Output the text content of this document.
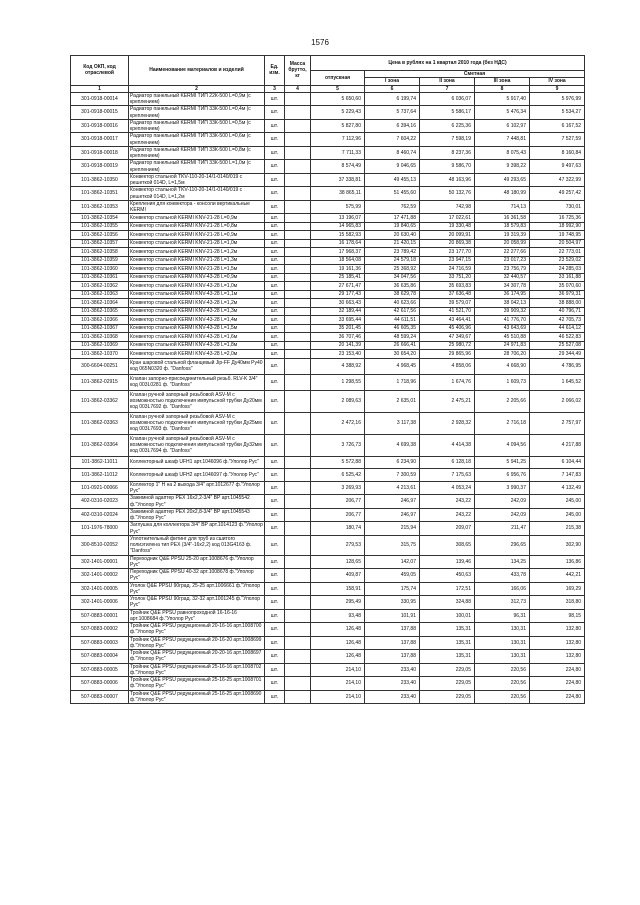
1576
Код ОКП, код отраслевой	Наименование материалов и изделий	Ед. изм.	Масса брутто, кг	Цена в рублях на 1 квартал 2010 года (без НДС)				
				отпускная	Сметная			
					I зона	II зона	III зона	IV зона
1	2	3	4	5	6	7	8	9
301-0918-00014	Радиатор панельный KERMI ТИП 22К-500 L=0,9м (с креплением)	шт.		5 650,60	6 199,74	6 036,07	5 917,40	5 976,99
301-0918-00015	Радиатор панельный KERMI ТИП 33К-500 L=0,4м (с креплением)	шт.		5 229,43	5 737,64	5 586,17	5 476,34	5 534,27
301-0918-00016	Радиатор панельный KERMI ТИП 33К-500 L=0,5м (с креплением)	шт.		5 827,80	6 394,16	6 225,36	6 102,97	6 167,52
301-0918-00017	Радиатор панельный KERMI ТИП 33К-500 L=0,6м (с креплением)	шт.		7 112,96	7 604,22	7 598,19	7 448,81	7 527,59
301-0918-00018	Радиатор панельный KERMI ТИП 33К-500 L=0,8м (с креплением)	шт.		7 711,33	8 460,74	8 237,36	8 075,43	8 160,84
301-0918-00019	Радиатор панельный KERMI ТИП 33К-500 L=1,0м (с креплением)	шт.		8 574,49	9 046,65	9 586,70	9 398,22	9 497,63
101-3862-10350	Конвектор стальной TKV-110-20-14/1-0140/019 с решеткой 014D, L=1,5м	шт.		37 338,81	49 455,13	48 163,96	49 293,65	47 322,99
101-3862-10351	Конвектор стальной TKV-110-20-14/1-0140/019 с решеткой 014D, L=1,2м	шт.		38 865,11	51 455,60	50 132,76	48 180,99	49 257,42
101-3862-10353	Крепления для конвектора - консоли вертикальные KERMI	шт.		575,99	762,59	742,98	714,13	730,01
101-3862-10354	Конвектор стальной KERMI KNV-21-28 L=0,9м	шт.		13 196,07	17 471,88	17 022,61	16 361,58	16 725,36
101-3862-10355	Конвектор стальной KERMI KNV-21-28 L=0,8м	шт.		14 965,83	19 840,65	19 330,48	18 579,83	18 992,90
101-3862-10356	Конвектор стальной KERMI KNV-21-28 L=0,9м	шт.		15 582,93	20 630,40	20 099,91	19 319,39	19 748,95
101-3862-10357	Конвектор стальной KERMI KNV-21-28 L=1,0м	шт.		16 178,64	21 420,15	20 869,38	20 058,99	20 504,97
101-3862-10358	Конвектор стальной KERMI KNV-21-28 L=1,2м	шт.		17 968,37	23 789,42	23 177,70	22 277,66	22 773,01
101-3862-10359	Конвектор стальной KERMI KNV-21-28 L=1,3м	шт.		18 564,08	24 579,18	23 947,15	23 017,23	23 529,02
101-3862-10360	Конвектор стальной KERMI KNV-21-28 L=1,5м	шт.		19 161,36	25 368,92	24 716,59	23 756,79	24 285,03
101-3862-10361	Конвектор стальной KERMI KNV-43-28 L=0,9м	шт.		25 185,41	34 047,56	33 751,20	32 440,57	33 161,88
101-3862-10362	Конвектор стальной KERMI KNV-43-28 L=1,0м	шт.		27 671,47	36 635,86	35 693,83	34 307,78	35 070,60
101-3862-10363	Конвектор стальной KERMI KNV-43-28 L=1,1м	шт.		29 177,43	38 629,78	37 636,48	36 174,95	36 979,31
101-3862-10364	Конвектор стальной KERMI KNV-43-28 L=1,2м	шт.		30 663,43	40 623,66	39 579,07	38 042,13	38 888,00
101-3862-10365	Конвектор стальной KERMI KNV-43-28 L=1,3м	шт.		32 189,44	42 617,56	41 521,70	39 909,32	40 796,71
101-3862-10366	Конвектор стальной KERMI KNV-43-28 L=1,4м	шт.		33 695,44	44 611,51	43 464,41	41 776,70	42 705,73
101-3862-10367	Конвектор стальной KERMI KNV-43-28 L=1,5м	шт.		35 201,45	46 605,35	45 406,96	43 643,69	44 614,12
101-3862-10368	Конвектор стальной KERMI KNV-43-28 L=1,6м	шт.		36 707,46	48 599,24	47 349,67	45 510,88	46 522,83
101-3862-10369	Конвектор стальной KERMI KNV-43-28 L=1,8м	шт.		20 141,39	26 666,41	25 980,72	24 971,83	25 527,08
101-3862-10370	Конвектор стальной KERMI KNV-43-28 L=2,0м	шт.		23 153,40	30 654,20	29 865,96	28 706,20	29 344,49
300-6604-00251	Кран шаровой стальной фланцевый Jip-FF Ду40мм Ру40 код 065N0320 ф. "Danfoss"	шт.		4 388,92	4 968,45	4 858,06	4 668,90	4 786,95
101-3862-02915	Клапан запорно-присоединительный резьб. RLV-K 3/4" код 003L0281 ф. "Danfoss"	шт.		1 298,55	1 718,96	1 674,76	1 609,73	1 645,52
101-3862-03362	Клапан ручной запорный резьбовой ASV-M с возможностью подключения импульсной трубки Ду20мм код 003L7692 ф. "Danfoss"	шт.		2 089,63	2 635,01	2 475,21	2 205,66	2 066,02
101-3862-03363	Клапан ручной запорный резьбовой ASV-M с возможностью подключения импульсной трубки Ду25мм код 003L7693 ф. "Danfoss"	шт.		2 472,16	3 117,38	2 928,32	2 716,18	2 757,97
101-3862-03364	Клапан ручной запорный резьбовой ASV-M с возможностью подключения импульсной трубки Ду32мм код 003L7694 ф. "Danfoss"	шт.		3 726,73	4 699,38	4 414,38	4 094,56	4 217,88
101-3862-11011	Коллекторный шкаф UFH1 арт.1046096 ф."Уполор Рус"	шт.		5 572,88	6 234,90	6 128,18	5 941,25	6 104,44
101-3862-11012	Коллекторный шкаф UFH2 арт.1046097 ф."Уполор Рус"	шт.		6 525,42	7 300,59	7 175,63	6 956,76	7 147,83
101-0921-00066	Коллектор 1" Н на 2 выхода 3/4" арт.1012677 ф."Уполор Рус"	шт.		3 269,93	4 213,61	4 053,24	3 990,37	4 132,49
402-0310-02023	Зажимной адаптер PEX 16х2,2-3/4" ВР арт.1045542 ф."Уполор Рус"	шт.		206,77	246,97	243,22	242,09	245,00
402-0310-02024	Зажимной адаптер PEX 20х2,8-3/4" ВР арт.1045543 ф."Уполор Рус"	шт.		206,77	246,97	243,22	242,09	245,00
101-1976-78000	Заглушка для коллектора 3/4" ВР арт.1014123 ф."Уполор Рус"	шт.		180,74	215,94	209,07	211,47	215,38
300-8510-02052	Уплотнительный фитинг для труб из сшитого полиэтилена тип PEX (3/4"-16х2,2) код 013G4163 ф. "Danfoss"	шт.		279,53	315,75	308,65	296,65	302,90
302-1401-00001	Переходник Q&E PPSU 25-20 арт.1008676 ф."Уполор Рус"	шт.		128,65	142,07	139,46	134,25	136,86
302-1401-00002	Переходник Q&E PPSU 40-32 арт.1008678 ф."Уполор Рус"	шт.		409,87	459,05	450,63	433,78	442,21
302-1401-00005	Уголок Q&E PPSU 90град. 25-25 арт.1006661 ф."Уполор Рус"	шт.		158,91	175,74	172,51	166,06	169,29
302-1401-00006	Уголок Q&E PPSU 90град. 32-32 арт.1001245 ф."Уполор Рус"	шт.		295,49	330,95	324,88	312,73	318,80
507-0883-00001	Тройник Q&E PPSU равнопроходной 16-16-16 арт.1008684 ф."Уполор Рус"	шт.		93,48	101,91	100,01	96,31	98,15
507-0883-00002	Тройник Q&E PPSU редукционный 20-16-16 арт.1008700 ф."Уполор Рус"	шт.		126,48	137,88	135,31	130,31	132,80
507-0883-00003	Тройник Q&E PPSU редукционный 20-16-20 арт.1008699 ф."Уполор Рус"	шт.		126,48	137,88	135,31	130,31	132,80
507-0883-00004	Тройник Q&E PPSU редукционный 20-20-16 арт.1008697 ф."Уполор Рус"	шт.		126,48	137,88	135,31	130,31	132,80
507-0883-00005	Тройник Q&E PPSU редукционный 25-16-16 арт.1008702 ф."Уполор Рус"	шт.		214,10	233,40	229,05	220,56	224,80
507-0883-00006	Тройник Q&E PPSU редукционный 25-16-25 арт.1008701 ф."Уполор Рус"	шт.		214,10	233,40	229,05	220,56	224,80
507-0883-00007	Тройник Q&E PPSU редукционный 25-16-25 арт.1008690 ф."Уполор Рус"	шт.		214,10	233,40	229,05	220,56	224,80
